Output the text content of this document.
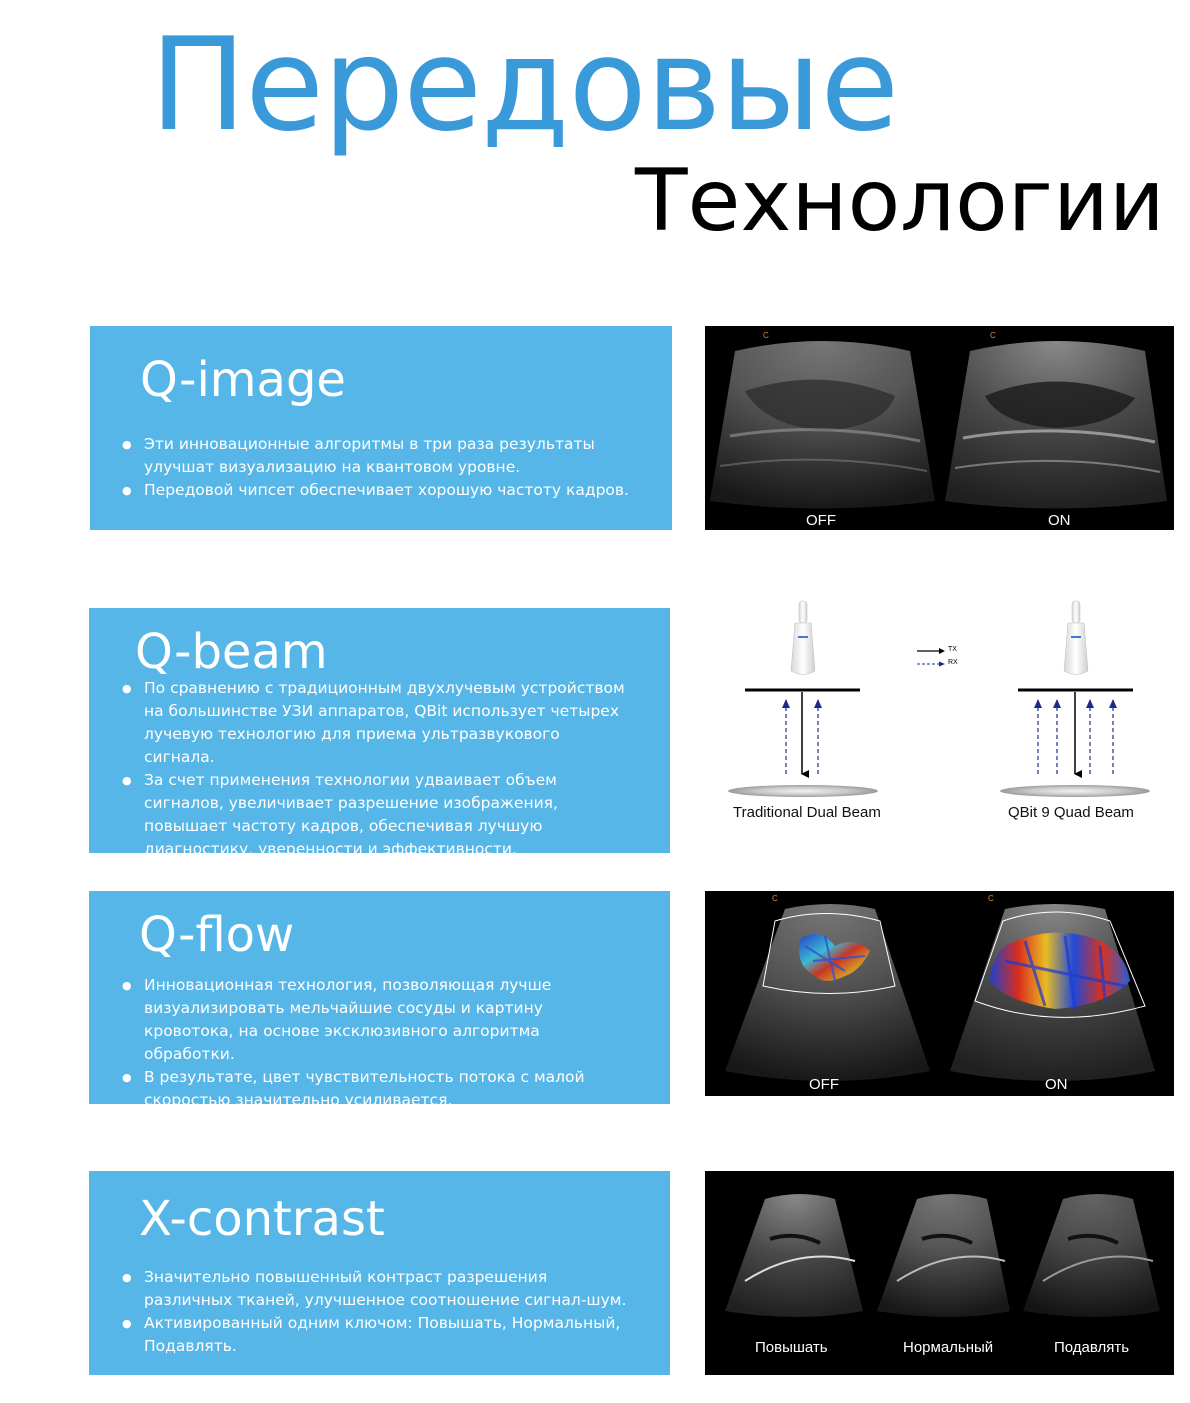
Передовые
Технологии
Q-image
● Эти инновационные алгоритмы в три раза результаты улучшат визуализацию на квантовом уровне.
● Передовой чипсет обеспечивает хорошую частоту кадров.
C	C
OFF	ON
Q-beam
● По сравнению с традиционным двухлучевым устройством на большинстве УЗИ аппаратов, QBit использует четырех лучевую технологию для приема ультразвукового сигнала.
● За счет применения технологии удваивает объем сигналов, увеличивает разрешение изображения, повышает частоту кадров, обеспечивая лучшую диагностику, уверенности и эффективности.
TX
RX
Traditional Dual Beam	QBit 9 Quad Beam
Q-flow
● Инновационная технология, позволяющая лучше визуализировать мельчайшие сосуды и картину кровотока, на основе эксклюзивного алгоритма обработки.
● В результате, цвет чувствительность потока с малой скоростью значительно усиливается.
C	C
OFF	ON
X-contrast
● Значительно повышенный контраст разрешения различных тканей, улучшенное соотношение сигнал-шум.
● Активированный одним ключом: Повышать, Нормальный, Подавлять.	Повышать	Нормальный	Подавлять
